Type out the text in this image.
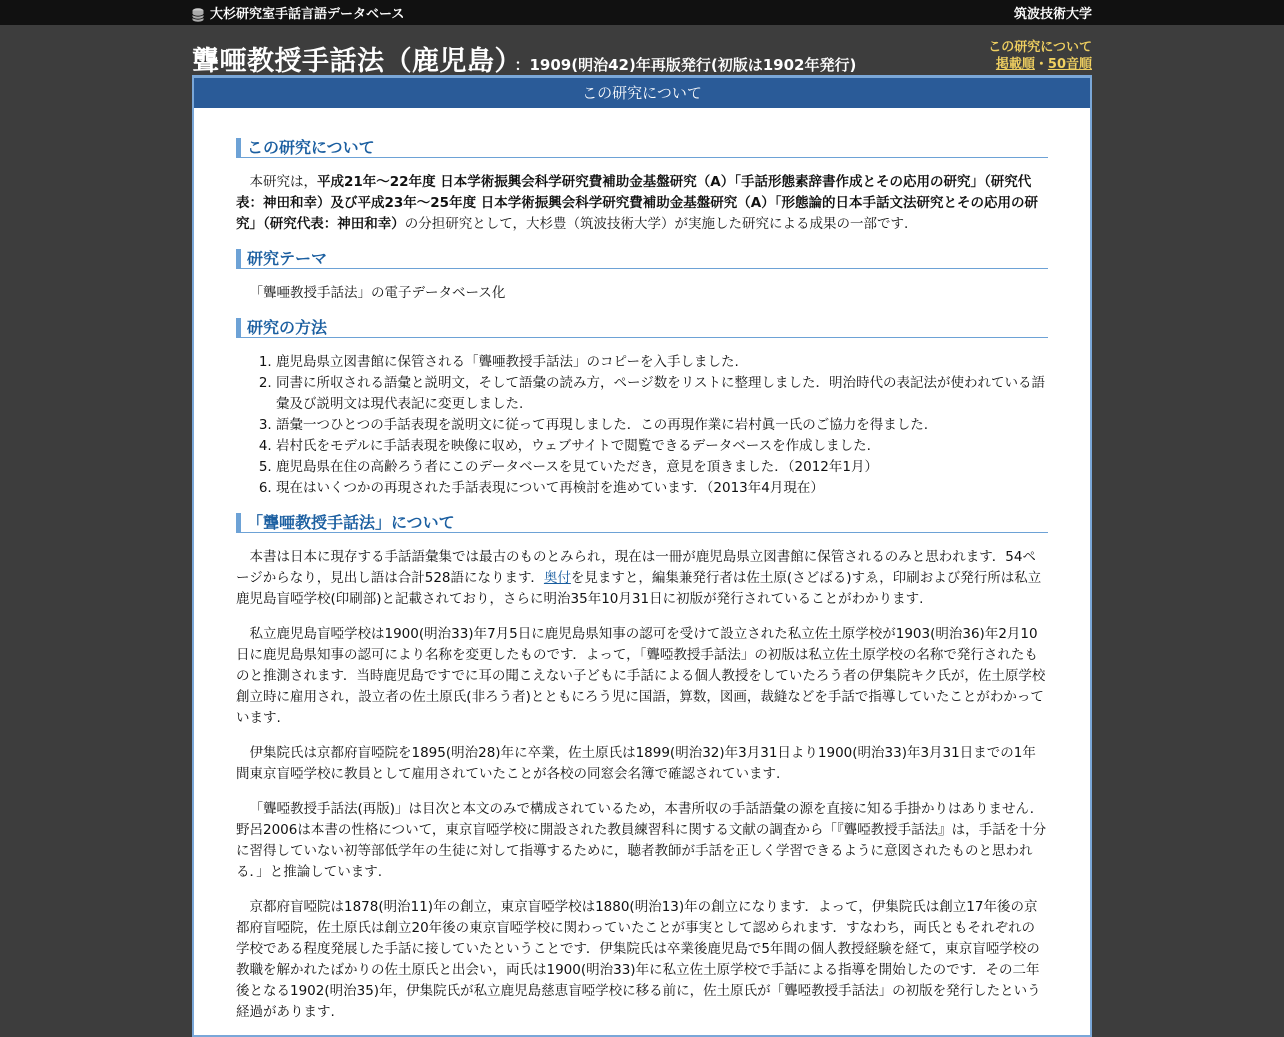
大杉研究室手話言語データベース	筑波技術大学
聾唖教授手話法（鹿児島） ：1909(明治42)年再版発行(初版は1902年発行)
この研究について
掲載順・50音順
この研究について
この研究について

本研究は，平成21年〜22年度 日本学術振興会科学研究費補助金基盤研究（A）「手話形態素辞書作成とその応用の研究」（研究代表：神田和幸）及び平成23年〜25年度 日本学術振興会科学研究費補助金基盤研究（A）「形態論的日本手話文法研究とその応用の研究」（研究代表：神田和幸）の分担研究として，大杉豊（筑波技術大学）が実施した研究による成果の一部です.

研究テーマ

「聾唖教授手話法」の電子データベース化

研究の方法
1. 鹿児島県立図書館に保管される「聾唖教授手話法」のコピーを入手しました.
2. 同書に所収される語彙と説明文，そして語彙の読み方，ページ数をリストに整理しました．明治時代の表記法が使われている語彙及び説明文は現代表記に変更しました.
3. 語彙一つひとつの手話表現を説明文に従って再現しました．この再現作業に岩村眞一氏のご協力を得ました.
4. 岩村氏をモデルに手話表現を映像に収め，ウェブサイトで閲覧できるデータベースを作成しました.
5. 鹿児島県在住の高齢ろう者にこのデータベースを見ていただき，意見を頂きました．（2012年1月）
6. 現在はいくつかの再現された手話表現について再検討を進めています．（2013年4月現在）
「聾唖教授手話法」について

本書は日本に現存する手話語彙集では最古のものとみられ，現在は一冊が鹿児島県立図書館に保管されるのみと思われます．54ページからなり，見出し語は合計528語になります．奥付を見ますと，編集兼発行者は佐土原(さどばる)すゑ，印刷および発行所は私立鹿児島盲啞学校(印刷部)と記載されており，さらに明治35年10月31日に初版が発行されていることがわかります.

私立鹿児島盲啞学校は1900(明治33)年7月5日に鹿児島県知事の認可を受けて設立された私立佐土原学校が1903(明治36)年2月10日に鹿児島県知事の認可により名称を変更したものです．よって，「聾啞教授手話法」の初版は私立佐土原学校の名称で発行されたものと推測されます．当時鹿児島ですでに耳の聞こえない子どもに手話による個人教授をしていたろう者の伊集院キク氏が，佐土原学校創立時に雇用され，設立者の佐土原氏(非ろう者)とともにろう児に国語，算数，図画，裁縫などを手話で指導していたことがわかっています.

伊集院氏は京都府盲啞院を1895(明治28)年に卒業，佐土原氏は1899(明治32)年3月31日より1900(明治33)年3月31日までの1年間東京盲啞学校に教員として雇用されていたことが各校の同窓会名簿で確認されています.

「聾啞教授手話法(再版)」は目次と本文のみで構成されているため，本書所収の手話語彙の源を直接に知る手掛かりはありません．野呂2006は本書の性格について，東京盲啞学校に開設された教員練習科に関する文献の調査から「『聾啞教授手話法』は，手話を十分に習得していない初等部低学年の生徒に対して指導するために，聴者教師が手話を正しく学習できるように意図されたものと思われる．」と推論しています.

京都府盲啞院は1878(明治11)年の創立，東京盲啞学校は1880(明治13)年の創立になります．よって，伊集院氏は創立17年後の京都府盲啞院，佐土原氏は創立20年後の東京盲啞学校に関わっていたことが事実として認められます．すなわち，両氏ともそれぞれの学校である程度発展した手話に接していたということです．伊集院氏は卒業後鹿児島で5年間の個人教授経験を経て，東京盲啞学校の教職を解かれたばかりの佐土原氏と出会い，両氏は1900(明治33)年に私立佐土原学校で手話による指導を開始したのです．その二年後となる1902(明治35)年，伊集院氏が私立鹿児島慈恵盲啞学校に移る前に，佐土原氏が「聾啞教授手話法」の初版を発行したという経過があります.
